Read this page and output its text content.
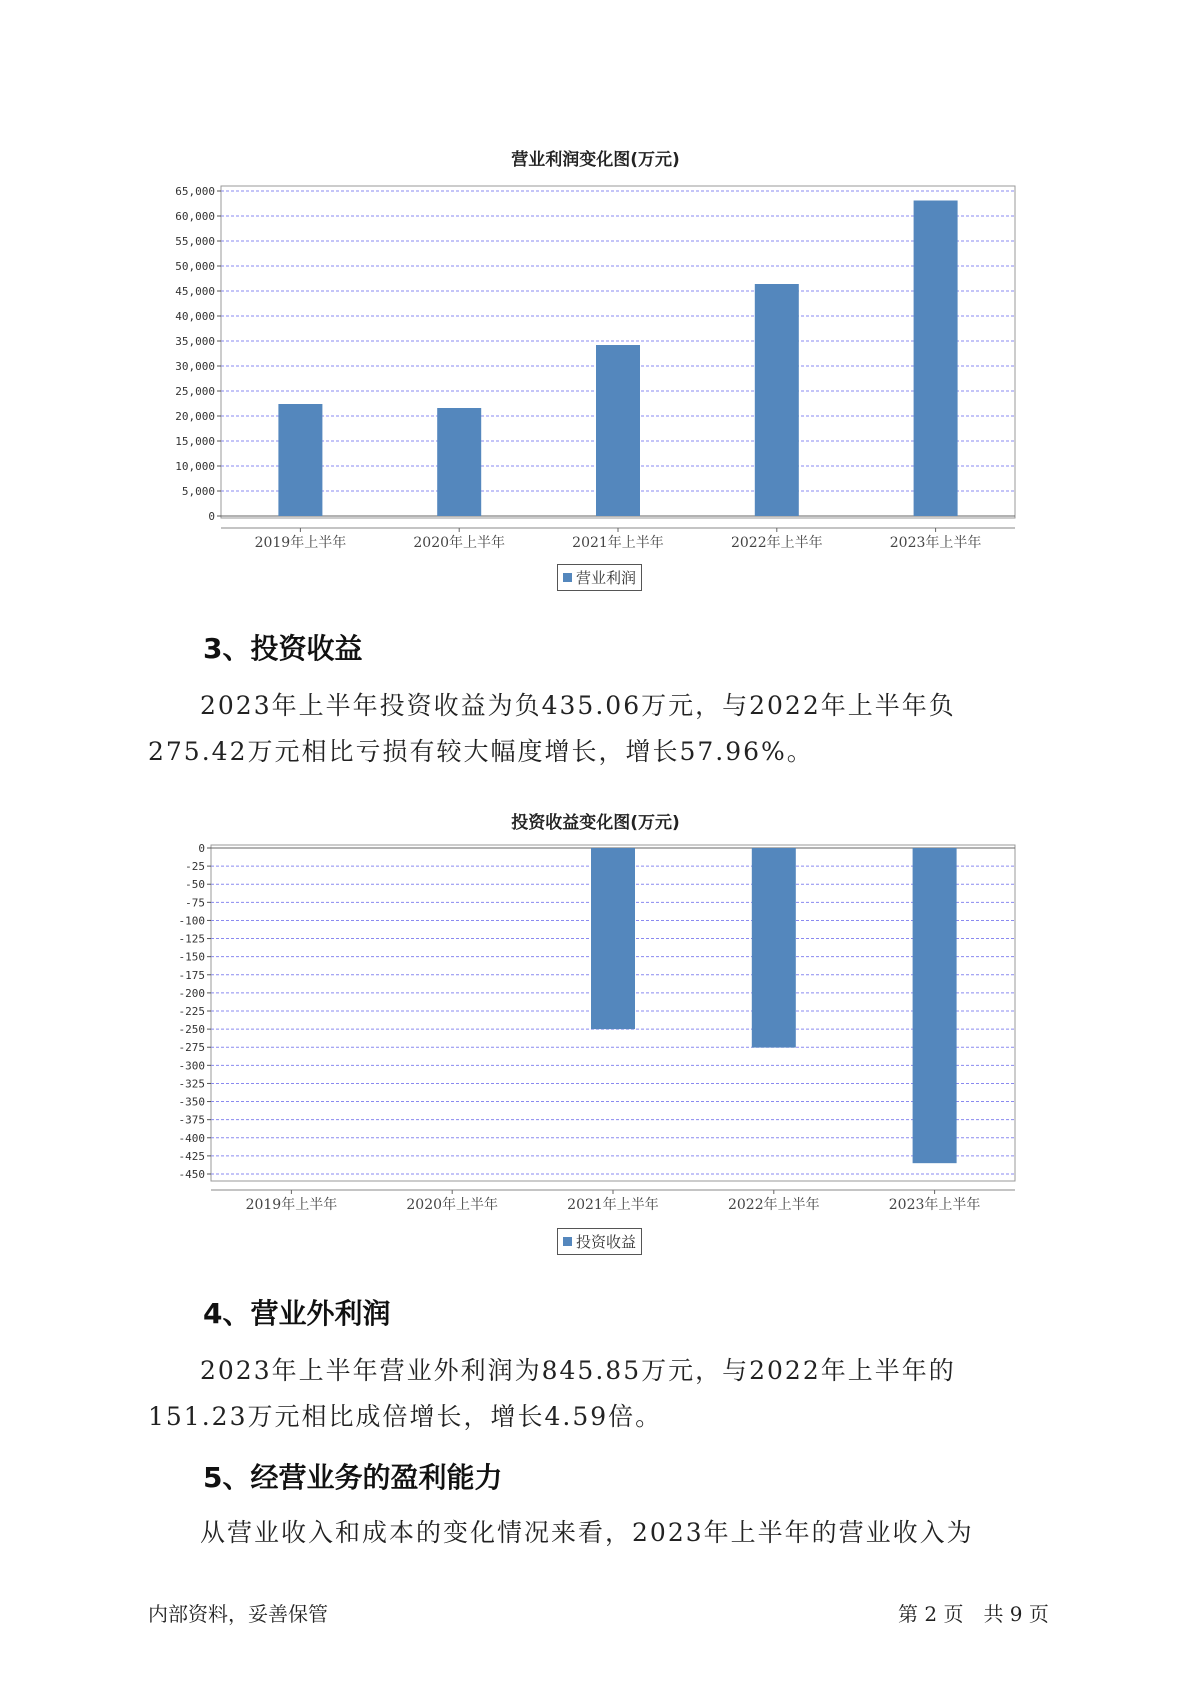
营业利润变化图(万元)
0
5,000
10,000
15,000
20,000
25,000
30,000
35,000
40,000
45,000
50,000
55,000
60,000
65,000
2019年上半年	2020年上半年	2021年上半年	2022年上半年	2023年上半年
营业利润
3、投资收益

2023年上半年投资收益为负435.06万元，与2022年上半年负275.42万元相比亏损有较大幅度增长，增长57.96%。

投资收益变化图(万元)
0
-25
-50
-75
-100
-125
-150
-175
-200
-225
-250
-275
-300
-325
-350
-375
-400
-425
-450
2019年上半年	2020年上半年	2021年上半年	2022年上半年	2023年上半年
投资收益
4、营业外利润

2023年上半年营业外利润为845.85万元，与2022年上半年的151.23万元相比成倍增长，增长4.59倍。

5、经营业务的盈利能力

从营业收入和成本的变化情况来看，2023年上半年的营业收入为

内部资料，妥善保管	第 2 页　共 9 页
